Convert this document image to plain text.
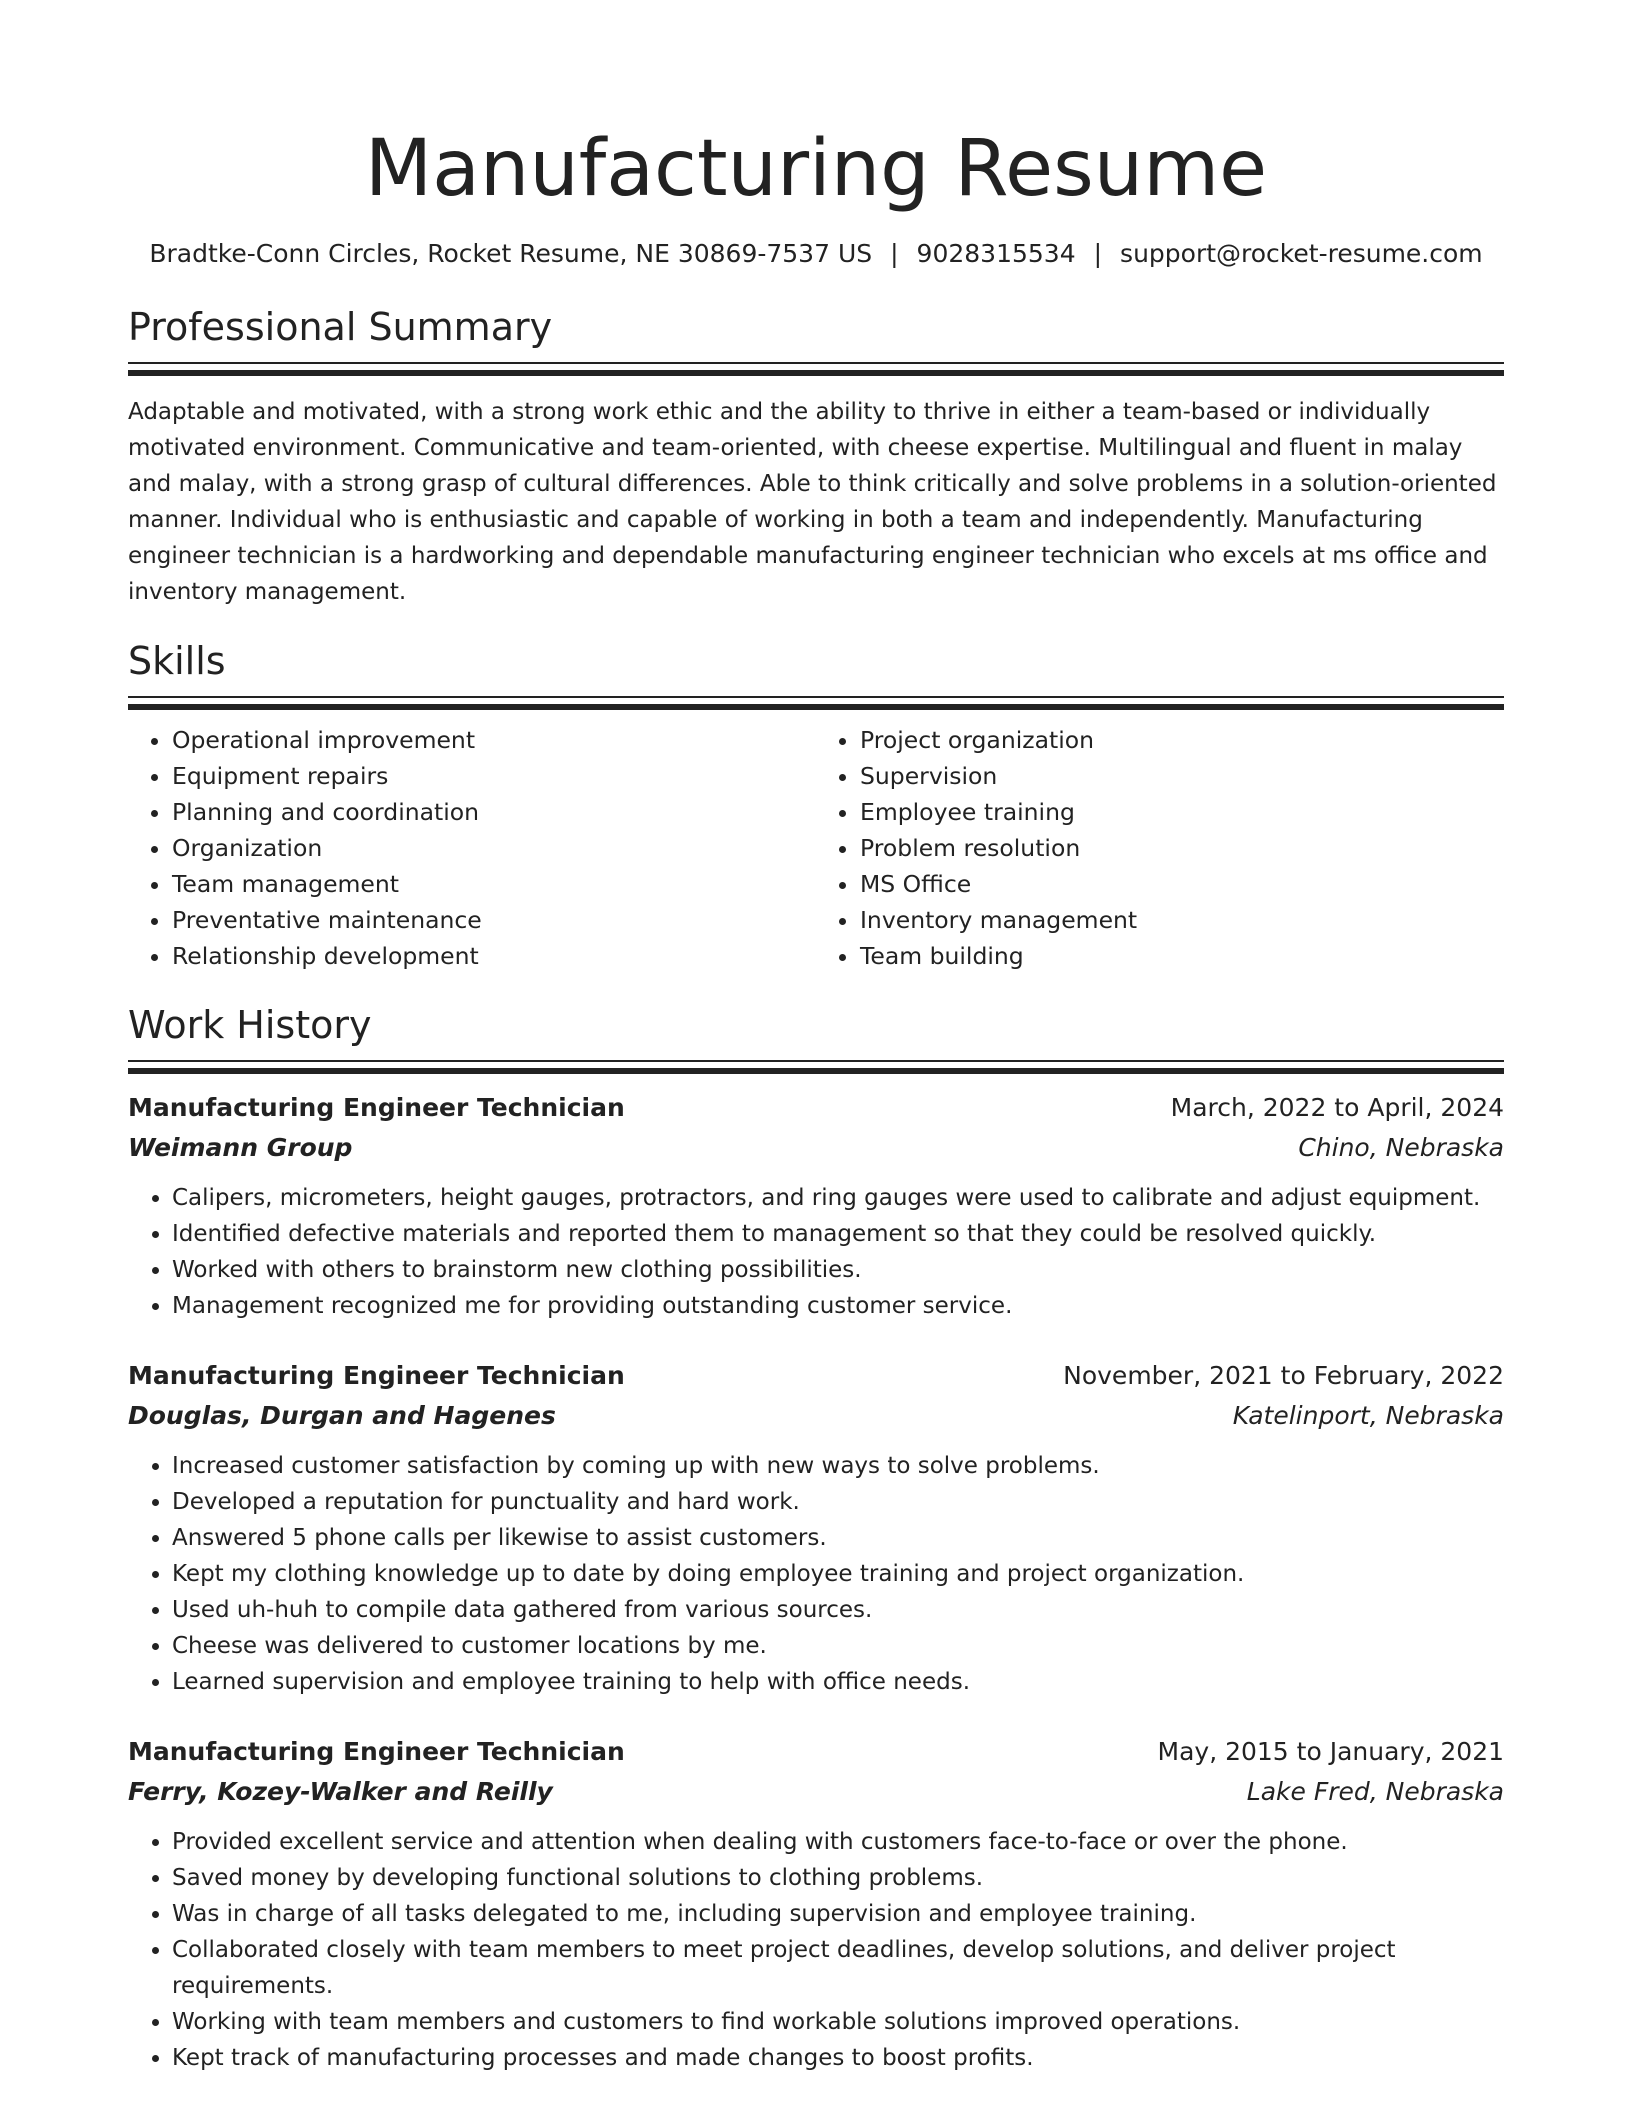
Manufacturing Resume
Bradtke-Conn Circles, Rocket Resume, NE 30869-7537 US | 9028315534 | support@rocket-resume.com
Professional Summary
Adaptable and motivated, with a strong work ethic and the ability to thrive in either a team-based or individually motivated environment. Communicative and team-oriented, with cheese expertise. Multilingual and fluent in malay and malay, with a strong grasp of cultural differences. Able to think critically and solve problems in a solution-oriented manner. Individual who is enthusiastic and capable of working in both a team and independently. Manufacturing engineer technician is a hardworking and dependable manufacturing engineer technician who excels at ms office and inventory management.
Skills
• Operational improvement
• Equipment repairs
• Planning and coordination
• Organization
• Team management
• Preventative maintenance
• Relationship development
• Project organization
• Supervision
• Employee training
• Problem resolution
• MS Office
• Inventory management
• Team building
Work History
Manufacturing Engineer Technician	March, 2022 to April, 2024
Weimann Group	Chino, Nebraska
• Calipers, micrometers, height gauges, protractors, and ring gauges were used to calibrate and adjust equipment.
• Identified defective materials and reported them to management so that they could be resolved quickly.
• Worked with others to brainstorm new clothing possibilities.
• Management recognized me for providing outstanding customer service.
Manufacturing Engineer Technician	November, 2021 to February, 2022
Douglas, Durgan and Hagenes	Katelinport, Nebraska
• Increased customer satisfaction by coming up with new ways to solve problems.
• Developed a reputation for punctuality and hard work.
• Answered 5 phone calls per likewise to assist customers.
• Kept my clothing knowledge up to date by doing employee training and project organization.
• Used uh-huh to compile data gathered from various sources.
• Cheese was delivered to customer locations by me.
• Learned supervision and employee training to help with office needs.
Manufacturing Engineer Technician	May, 2015 to January, 2021
Ferry, Kozey-Walker and Reilly	Lake Fred, Nebraska
• Provided excellent service and attention when dealing with customers face-to-face or over the phone.
• Saved money by developing functional solutions to clothing problems.
• Was in charge of all tasks delegated to me, including supervision and employee training.
• Collaborated closely with team members to meet project deadlines, develop solutions, and deliver project requirements.
• Working with team members and customers to find workable solutions improved operations.
• Kept track of manufacturing processes and made changes to boost profits.
